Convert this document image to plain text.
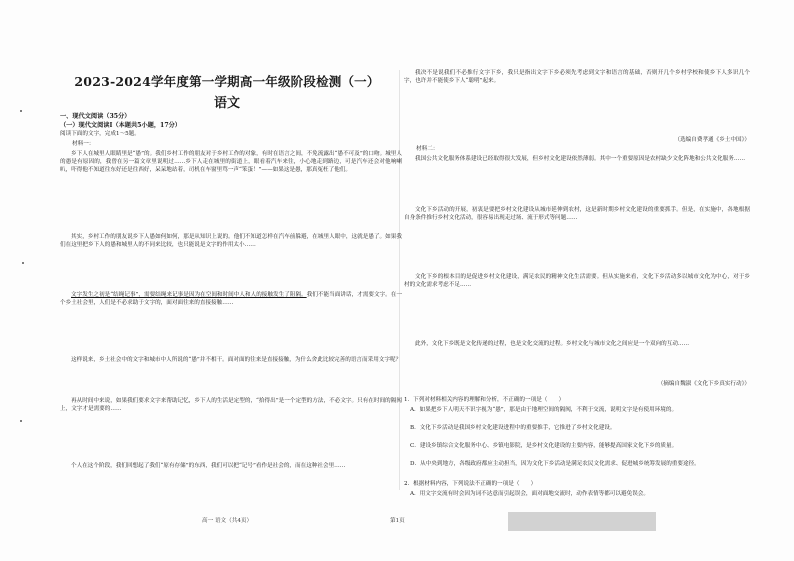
2023-2024学年度第一学期高一年级阶段检测（一）
语文
一、现代文阅读（35分）
（一）现代文阅读Ⅰ（本题共5小题，17分）
阅读下面的文字，完成1～5题。
材料一：
乡下人在城里人眼睛里是“愚”的。我们乡村工作的朋友对于乡村工作的对象，有时在语言之间，不免流露出“愚不可及”的口吻。城里人的愚是有原因的，我曾在另一篇文章里说明过……乡下人走在城里的街道上，眼看着汽车来往，小心地走到路边，可是汽车还会对他响喇叭，吓得他不知道往东好还是往西好，呆呆地站着，司机在车窗里骂一声“笨蛋！”——如果这是愚，那真冤枉了他们。
其实，乡村工作的朋友说乡下人愚如何如何，那是从知识上说的。他们不知道怎样在汽车前躲避，在城里人眼中，这就是愚了。如果我们在这里把乡下人的愚和城里人的不同来比较，也只能说是文字的作用太小……
文字发生之初是“结绳记事”，需要结绳来记事是因为在空间和时间中人和人的接触发生了阻隔。我们不能当面讲话，才需要文字。在一个乡土社会里，人们是不必求助于文字的，面对面往来的直接接触……
这样说来，乡土社会中的文字和城市中人所说的“愚”并不相干。面对面的往来是直接接触，为什么舍此比较完善的语言而采用文字呢？
再从时间中来说，如果我们要求文字来帮助记忆，乡下人的生活是定型的，“拾得出”是一个定型的方法，不必文字。只有在时间的隔阂上，文字才是需要的……
个人在这个阶段，我们回想起了我们“原有存储”的东西，我们可以把“记号”看作是社会的，而在这种社会里……
高一 语文（共4页）
我决不是说我们不必推行文字下乡，我只是指出文字下乡必须先考虑到文字和语言的基础，否则开几个乡村学校和使乡下人多识几个字，也许并不能使乡下人“聪明”起来。
（选编自费孝通《乡土中国》）
材料二：
我国公共文化服务体系建设已经取得很大发展，但乡村文化建设依然薄弱。其中一个重要原因是农村缺少文化阵地和公共文化服务……
文化下乡活动的开展，初衷是要把乡村文化建设从城市延伸到农村，这是新时期乡村文化建设的重要抓手。但是，在实施中，各地根据自身条件推行乡村文化活动，很容易出现走过场、流于形式等问题……
文化下乡的根本目的是促进乡村文化建设，满足农民的精神文化生活需要。但从实施来看，文化下乡活动多以城市文化为中心，对于乡村的文化需求考虑不足……
此外，文化下乡既是文化传递的过程，也是文化交流的过程。乡村文化与城市文化之间应是一个双向的互动……
（摘编自魏淑《文化下乡真实行动》）
1．下列对材料相关内容的理解和分析，不正确的一项是（　　）
A．如果把乡下人明天不识字视为“愚”，那是由于地理空间的隔阂，不利于交流，说明文字是有使用环境的。
B．文化下乡活动是我国乡村文化建设进程中的重要推手，它推进了乡村文化建设。
C．建设乡镇综合文化服务中心、乡镇电影院，是乡村文化建设的主要内容，能够提高国家文化下乡的质量。
D．从中央到地方，各级政府都应主动担当，因为文化下乡活动是满足农民文化需求、促进城乡统筹发展的重要途径。
2．根据材料内容，下列说法不正确的一项是（　　）
A．用文字交流有时会因为词不达意而引起误会，面对面地交流时，动作表情等都可以避免误会。
第1页
